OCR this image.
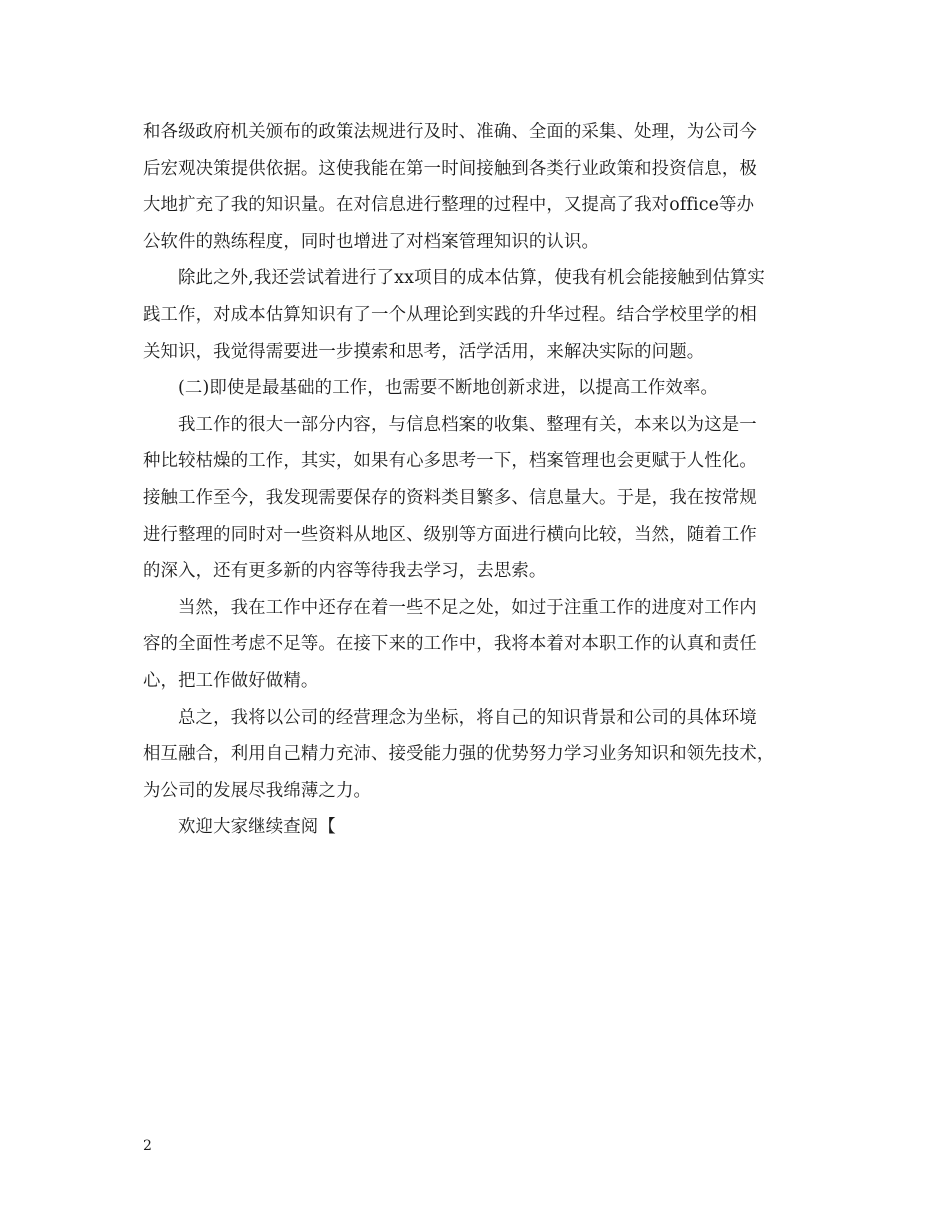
和各级政府机关颁布的政策法规进行及时、准确、全面的采集、处理，为公司今
后宏观决策提供依据。这使我能在第一时间接触到各类行业政策和投资信息，极
大地扩充了我的知识量。在对信息进行整理的过程中，又提高了我对office等办
公软件的熟练程度，同时也增进了对档案管理知识的认识。
除此之外,我还尝试着进行了xx项目的成本估算，使我有机会能接触到估算实
践工作，对成本估算知识有了一个从理论到实践的升华过程。结合学校里学的相
关知识，我觉得需要进一步摸索和思考，活学活用，来解决实际的问题。
(二)即使是最基础的工作，也需要不断地创新求进，以提高工作效率。
我工作的很大一部分内容，与信息档案的收集、整理有关，本来以为这是一
种比较枯燥的工作，其实，如果有心多思考一下，档案管理也会更赋于人性化。
接触工作至今，我发现需要保存的资料类目繁多、信息量大。于是，我在按常规
进行整理的同时对一些资料从地区、级别等方面进行横向比较，当然，随着工作
的深入，还有更多新的内容等待我去学习，去思索。
当然，我在工作中还存在着一些不足之处，如过于注重工作的进度对工作内
容的全面性考虑不足等。在接下来的工作中，我将本着对本职工作的认真和责任
心，把工作做好做精。
总之，我将以公司的经营理念为坐标，将自己的知识背景和公司的具体环境
相互融合，利用自己精力充沛、接受能力强的优势努力学习业务知识和领先技术，
为公司的发展尽我绵薄之力。
欢迎大家继续查阅【
2
